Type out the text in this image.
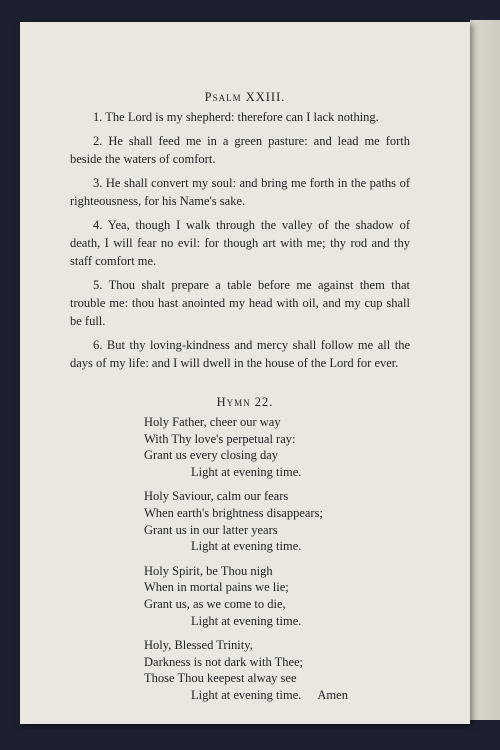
Psalm XXIII.

1. The Lord is my shepherd: therefore can I lack nothing.

2. He shall feed me in a green pasture: and lead me forth beside the waters of comfort.

3. He shall convert my soul: and bring me forth in the paths of righteousness, for his Name's sake.

4. Yea, though I walk through the valley of the shadow of death, I will fear no evil: for though art with me; thy rod and thy staff comfort me.

5. Thou shalt prepare a table before me against them that trouble me: thou hast anointed my head with oil, and my cup shall be full.

6. But thy loving-kindness and mercy shall follow me all the days of my life: and I will dwell in the house of the Lord for ever.

Hymn 22.
Holy Father, cheer our way
With Thy love's perpetual ray:
Grant us every closing day
Light at evening time.
Holy Saviour, calm our fears
When earth's brightness disappears;
Grant us in our latter years
Light at evening time.
Holy Spirit, be Thou nigh
When in mortal pains we lie;
Grant us, as we come to die,
Light at evening time.
Holy, Blessed Trinity,
Darkness is not dark with Thee;
Those Thou keepest alway see
Light at evening time. Amen
